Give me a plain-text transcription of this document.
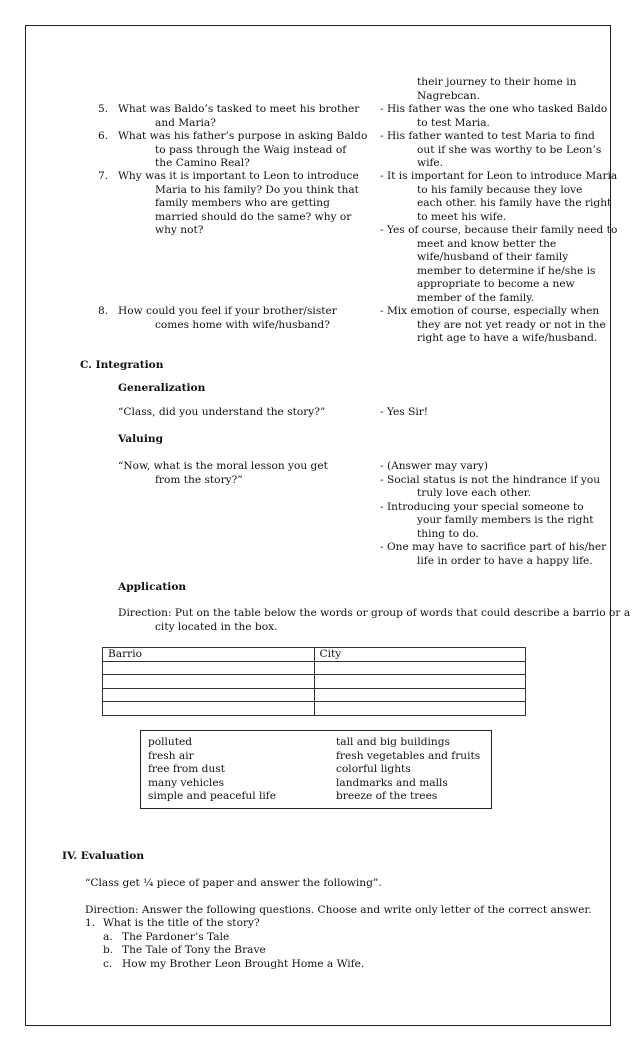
their journey to their home in
Nagrebcan.
5. What was Baldo’s tasked to meet his brother
and Maria?
- His father was the one who tasked Baldo
to test Maria.
6. What was his father’s purpose in asking Baldo
to pass through the Waig instead of
the Camino Real?
- His father wanted to test Maria to find
out if she was worthy to be Leon’s
wife.
7. Why was it is important to Leon to introduce
Maria to his family? Do you think that
family members who are getting
married should do the same? why or
why not?
- It is important for Leon to introduce Maria
to his family because they love
each other. his family have the right
to meet his wife.
- Yes of course, because their family need to
meet and know better the
wife/husband of their family
member to determine if he/she is
appropriate to become a new
member of the family.
8. How could you feel if your brother/sister
comes home with wife/husband?
- Mix emotion of course, especially when
they are not yet ready or not in the
right age to have a wife/husband.
C. Integration
Generalization
“Class, did you understand the story?”	- Yes Sir!
Valuing
“Now, what is the moral lesson you get
from the story?”
- (Answer may vary)
- Social status is not the hindrance if you
truly love each other.
- Introducing your special someone to
your family members is the right
thing to do.
- One may have to sacrifice part of his/her
life in order to have a happy life.
Application
Direction: Put on the table below the words or group of words that could describe a barrio or a
city located in the box.
Barrio	City

polluted
fresh air
free from dust
many vehicles
simple and peaceful life
tall and big buildings
fresh vegetables and fruits
colorful lights
landmarks and malls
breeze of the trees
IV. Evaluation
“Class get ¼ piece of paper and answer the following”.
Direction: Answer the following questions. Choose and write only letter of the correct answer.
1. What is the title of the story?
a. The Pardoner’s Tale
b. The Tale of Tony the Brave
c. How my Brother Leon Brought Home a Wife.
